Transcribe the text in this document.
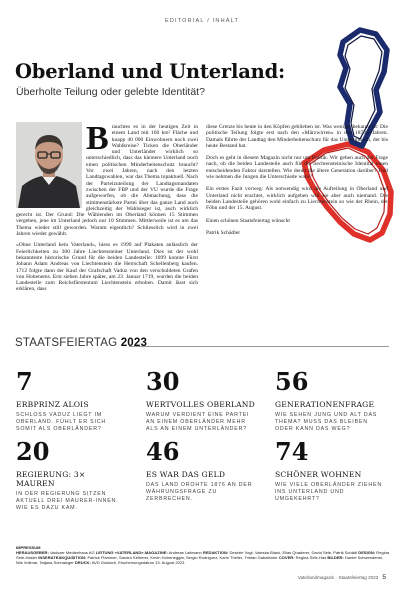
EDITORIAL / INHALT
Oberland und Unterland:
Überholte Teilung oder gelebte Identität?

Brauchtes es in der heutigen Zeit in einem Land mit 160 km² Fläche und knapp 40 000 Einwohnern noch zwei Wahlkreise? Ticken die Oberländer und Unterländer wirklich so unterschiedlich, dass das kleinere Unterland noch einen politischen Minderheitenschutz braucht? Vor zwei Jahren, nach den letzten Landtagswahlen, war das Thema topaktuell. Nach der Parteizuteilung der Landtagsmandaten zwischen der FBP und der VU wurde die Frage aufgeworfen, ob die Abmachung, dass die stimmenstärkste Partei über das ganze Land auch gleichzeitig der Wahlsieger ist, auch wirklich gerecht ist. Der Grund: Die Wählenden im Oberland können 15 Stimmen vergeben, jene im Unterland jedoch nur 10 Stimmen. Mittlerweile ist es um das Thema wieder still geworden. Warum eigentlich? Schliesslich wird in zwei Jahren wieder gewählt.

«Ohne Unterland kein Vaterland», hiess es 1999 auf Plakaten anlässlich der Feierlichkeiten zu 300 Jahre Liechtensteiner Unterland. Dies ist der wohl bekannteste historische Grund für die beiden Landesteile: 1699 konnte Fürst Johann Adam Andreas von Liechtenstein die Herrschaft Schellenberg kaufen. 1712 folgte dann der Kauf der Grafschaft Vaduz von den verschuldeten Grafen von Hohenems. Erst sieben Jahre später, am 23. Januar 1719, wurden die beiden Landesteile zum Reichsfürstentum Liechtenstein erhoben. Damit lässt sich erklären, dass

diese Grenze bis heute in den Köpfen geblieben ist. Was weniger bekannt ist: Die politische Teilung folgte erst nach den «Märzwirren» in den 1870er-Jahren. Damals führte der Landtag den Minderheitenschutz für das Unterland ein, der bis heute Bestand hat.

Doch es geht in diesem Magazin nicht nur um Politik. Wir gehen auch der Frage nach, ob die beiden Landesteile auch für die liechtensteinische Identität einen entscheidenden Faktor darstellen. Wie denkt die ältere Generation darüber? Und wie nehmen die Jungen die Unterschiede wahr?

Ein erstes Fazit vorweg: Als notwendig wird die Aufteilung in Oberland und Unterland nicht erachtet, wirklich aufgeben will sie aber auch niemand. Die beiden Landesteile gehören wohl einfach zu Liechtenstein so wie der Rhein, der Föhn und der 15. August.

Einen schönen Staatsfeiertag wünscht

Patrik Schädler

STAATSFEIERTAG 2023
7
ERBPRINZ ALOIS
SCHLOSS VADUZ LIEGT IM OBERLAND. FÜHLT ER SICH SOMIT ALS OBERLÄNDER?
30
WERTVOLLES OBERLAND
WARUM VERDIENT EINE PARTEI AN EINEM OBERLÄNDER MEHR ALS AN EINEM UNTERLÄNDER?
56
GENERATIONENFRAGE
WIE SEHEN JUNG UND ALT DAS THEMA? MUSS DAS BLEIBEN ODER KANN DAS WEG?
20
REGIERUNG: 3× MAUREN
IN DER REGIERUNG SITZEN AKTUELL DREI MAURER-INNEN. WIE ES DAZU KAM.
46
ES WAR DAS GELD
DAS LAND DROHTE 1876 AN DER WÄHRUNGSFRAGE ZU ZERBRECHEN.
74
SCHÖNER WOHNEN
WIE VIELE OBERLÄNDER ZIEHEN INS UNTERLAND UND UMGEKEHRT?
IMPRESSUM
HERAUSGEBER: Vaduzer Medienhaus AG LEITUNG «VATERLAND»-MAGAZINE: Andreas Lattmann REDAKTION: Desirée Vogt, Valeska Blank, Elias Quaderer, David Sele, Patrik Schädl DESIGN: Regina Sele-Hasler INSERATEAKQUISITION: Patrick Flammer, Sandro Kelberer, Kevin Hoheneggar, Sergio Rodriguez, Karin Theiler, Tristan Gabathuler COVER: Regina Sele-Has BILDER: Daniel Schwendener, Nils Vollmar, Tatjana Schnalzger DRUCK: AVD Goldach, Erscheinungsdatum 13. August 2023
Vaterlandmagazin · Staatsfeiertag 2023 5
